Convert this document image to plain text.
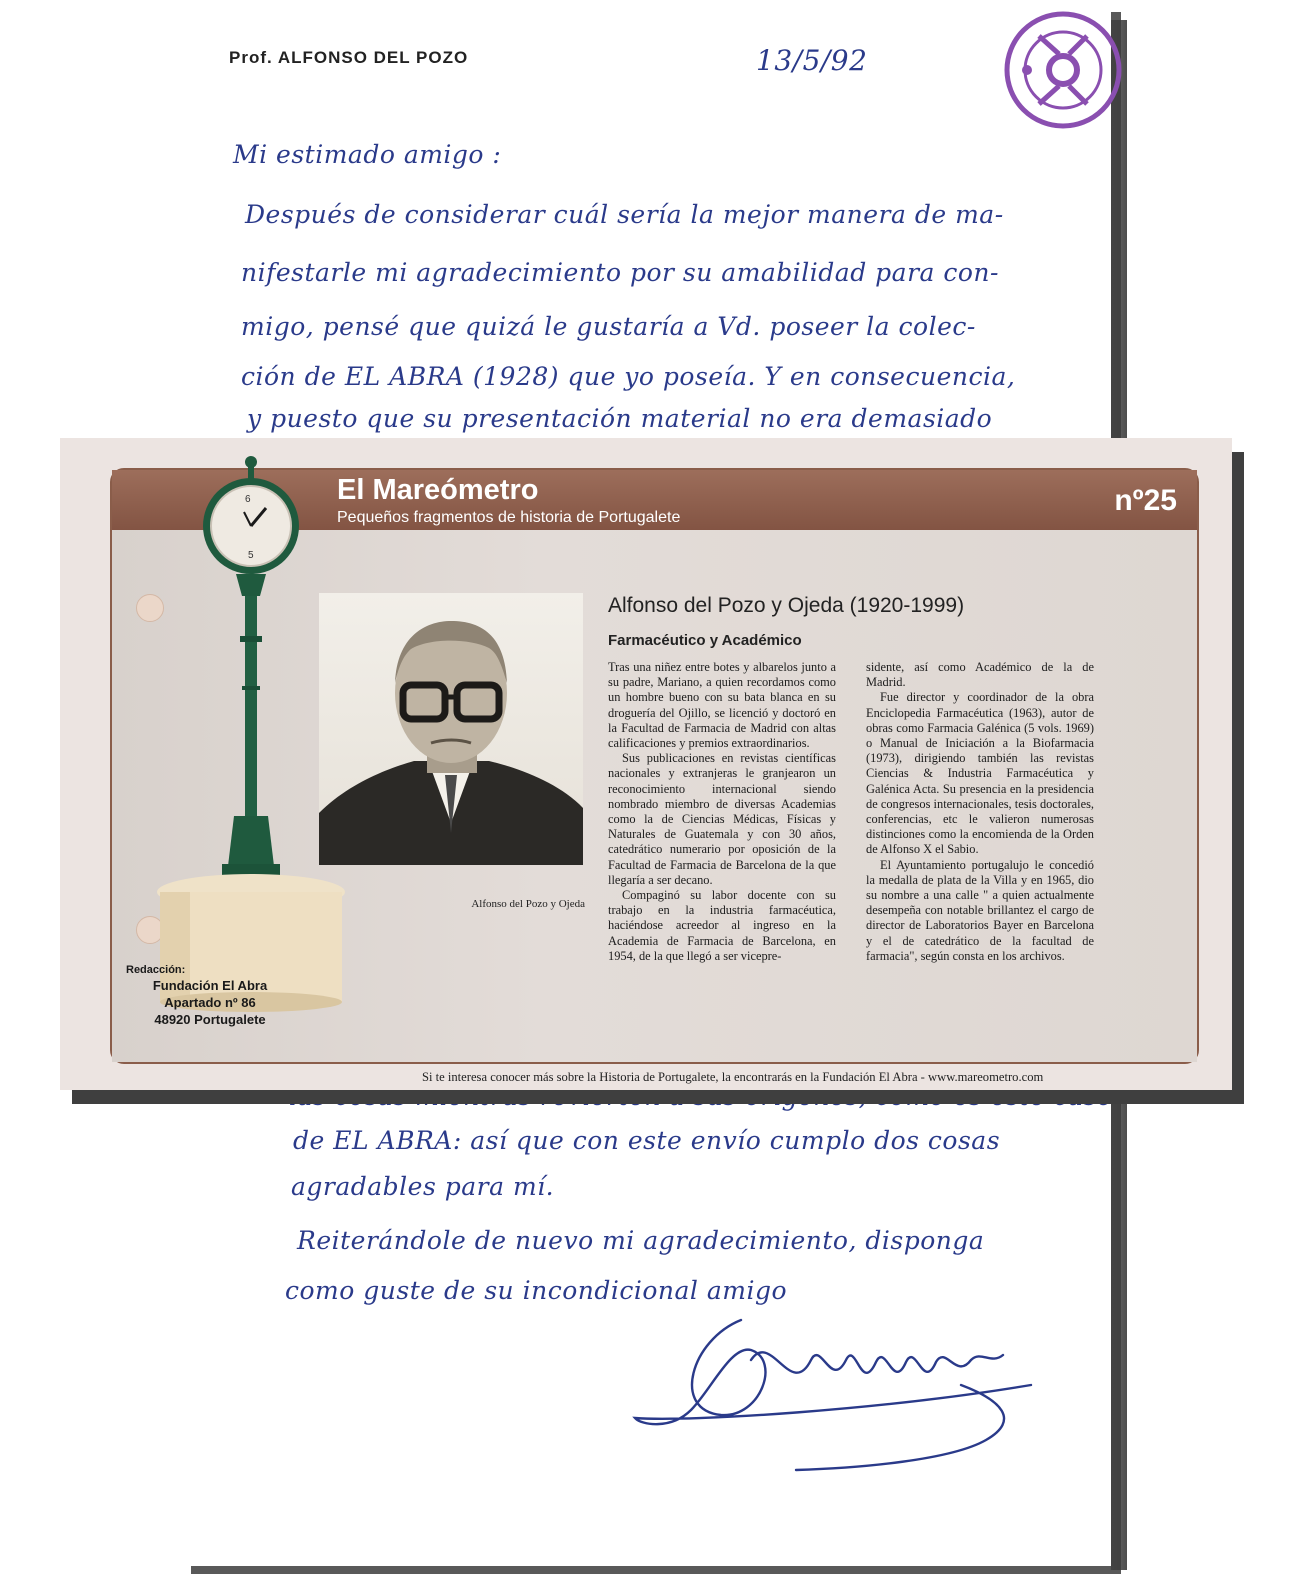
Prof. ALFONSO DEL POZO	13/5/92
Mi estimado amigo :
Después de considerar cuál sería la mejor manera de ma-
nifestarle mi agradecimiento por su amabilidad para con-
migo, pensé que quizá le gustaría a Vd. poseer la colec-
ción de EL ABRA (1928) que yo poseía. Y en consecuencia,
y puesto que su presentación material no era demasiado
de EL ABRA: así que con este envío cumplo dos cosas
agradables para mí.
Reiterándole de nuevo mi agradecimiento, disponga
como guste de su incondicional amigo
El Mareómetro
Pequeños fragmentos de historia de Portugalete
nº25
Alfonso del Pozo y Ojeda
Alfonso del Pozo y Ojeda (1920-1999)
Farmacéutico y Académico

Tras una niñez entre botes y albarelos junto a su padre, Mariano, a quien recordamos como un hombre bueno con su bata blanca en su droguería del Ojillo, se licenció y doctoró en la Facultad de Farmacia de Madrid con altas calificaciones y premios extraordinarios.

Sus publicaciones en revistas científicas nacionales y extranjeras le granjearon un reconocimiento internacional siendo nombrado miembro de diversas Academias como la de Ciencias Médicas, Físicas y Naturales de Guatemala y con 30 años, catedrático numerario por oposición de la Facultad de Farmacia de Barcelona de la que llegaría a ser decano.

Compaginó su labor docente con su trabajo en la industria farmacéutica, haciéndose acreedor al ingreso en la Academia de Farmacia de Barcelona, en 1954, de la que llegó a ser vicepre-

sidente, así como Académico de la de Madrid.

Fue director y coordinador de la obra Enciclopedia Farmacéutica (1963), autor de obras como Farmacia Galénica (5 vols. 1969) o Manual de Iniciación a la Biofarmacia (1973), dirigiendo también las revistas Ciencias & Industria Farmacéutica y Galénica Acta. Su presencia en la presidencia de congresos internacionales, tesis doctorales, conferencias, etc le valieron numerosas distinciones como la encomienda de la Orden de Alfonso X el Sabio.

El Ayuntamiento portugalujo le concedió la medalla de plata de la Villa y en 1965, dio su nombre a una calle " a quien actualmente desempeña con notable brillantez el cargo de director de Laboratorios Bayer en Barcelona y el de catedrático de la facultad de farmacia", según consta en los archivos.

Si te interesa conocer más sobre la Historia de Portugalete, la encontrarás en la Fundación El Abra - www.mareometro.com
6
5
Redacción:
Fundación El Abra
Apartado nº 86
48920 Portugalete
